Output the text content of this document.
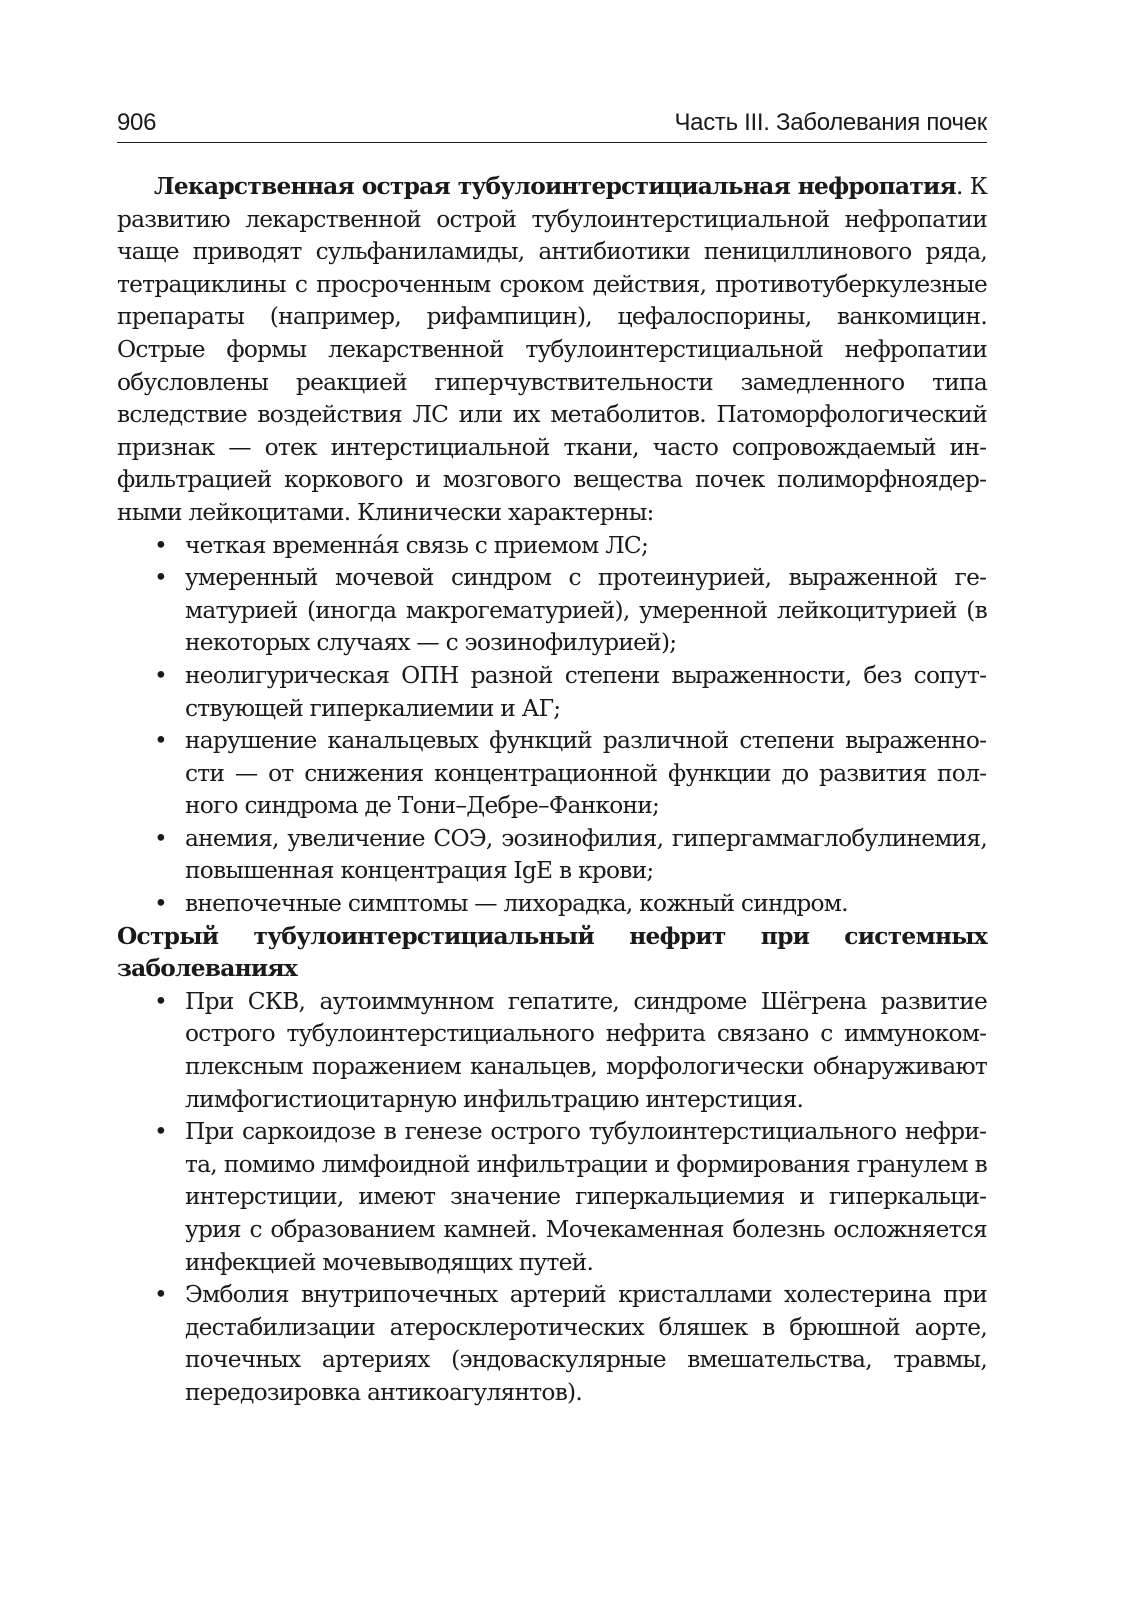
906	Часть III. Заболевания почек

Лекарственная острая тубулоинтерстициальная нефропатия. К развитию лекарственной острой тубулоинтерстициальной нефропатии чаще приводят сульфаниламиды, антибиотики пенициллинового ряда, тетрациклины с просроченным сроком действия, противотуберкулезные препараты (например, рифампицин), цефалоспорины, ванкомицин. Острые формы лекарственной тубулоинтерстициальной нефропатии обусловлены реакцией гиперчувствительности замедленного типа вследствие воздействия ЛС или их метаболитов. Патоморфологический признак — отек интерстициальной ткани, часто сопровождаемый инфильтрацией коркового и мозгового вещества почек полиморфноядерными лейкоцитами. Клинически характерны:

• четкая временна́я связь с приемом ЛС;
• умеренный мочевой синдром с протеинурией, выраженной гематурией (иногда макрогематурией), умеренной лейкоцитурией (в некоторых случаях — с эозинофилурией);
• неолигурическая ОПН разной степени выраженности, без сопутствующей гиперкалиемии и АГ;
• нарушение канальцевых функций различной степени выраженности — от снижения концентрационной функции до развития полного синдрома де Тони–Дебре–Фанкони;
• анемия, увеличение СОЭ, эозинофилия, гипергаммаглобулинемия, повышенная концентрация IgE в крови;
• внепочечные симптомы — лихорадка, кожный синдром.

Острый тубулоинтерстициальный нефрит при системных заболеваниях

• При СКВ, аутоиммунном гепатите, синдроме Шёгрена развитие острого тубулоинтерстициального нефрита связано с иммунокомплексным поражением канальцев, морфологически обнаруживают лимфогистиоцитарную инфильтрацию интерстиция.
• При саркоидозе в генезе острого тубулоинтерстициального нефрита, помимо лимфоидной инфильтрации и формирования гранулем в интерстиции, имеют значение гиперкальциемия и гиперкальциурия с образованием камней. Мочекаменная болезнь осложняется инфекцией мочевыводящих путей.
• Эмболия внутрипочечных артерий кристаллами холестерина при дестабилизации атеросклеротических бляшек в брюшной аорте, почечных артериях (эндоваскулярные вмешательства, травмы, передозировка антикоагулянтов).
